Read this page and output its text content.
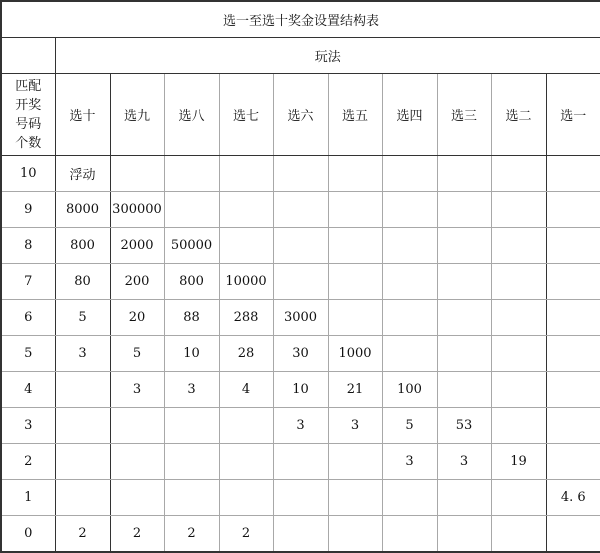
选一至选十奖金设置结构表										
	玩法									
匹配
开奖
号码
个数	选十	选九	选八	选七	选六	选五	选四	选三	选二	选一
10	浮动									
9	8000	300000								
8	800	2000	50000							
7	80	200	800	10000						
6	5	20	88	288	3000					
5	3	5	10	28	30	1000				
4		3	3	4	10	21	100			
3					3	3	5	53		
2							3	3	19	
1										4. 6
0	2	2	2	2						
